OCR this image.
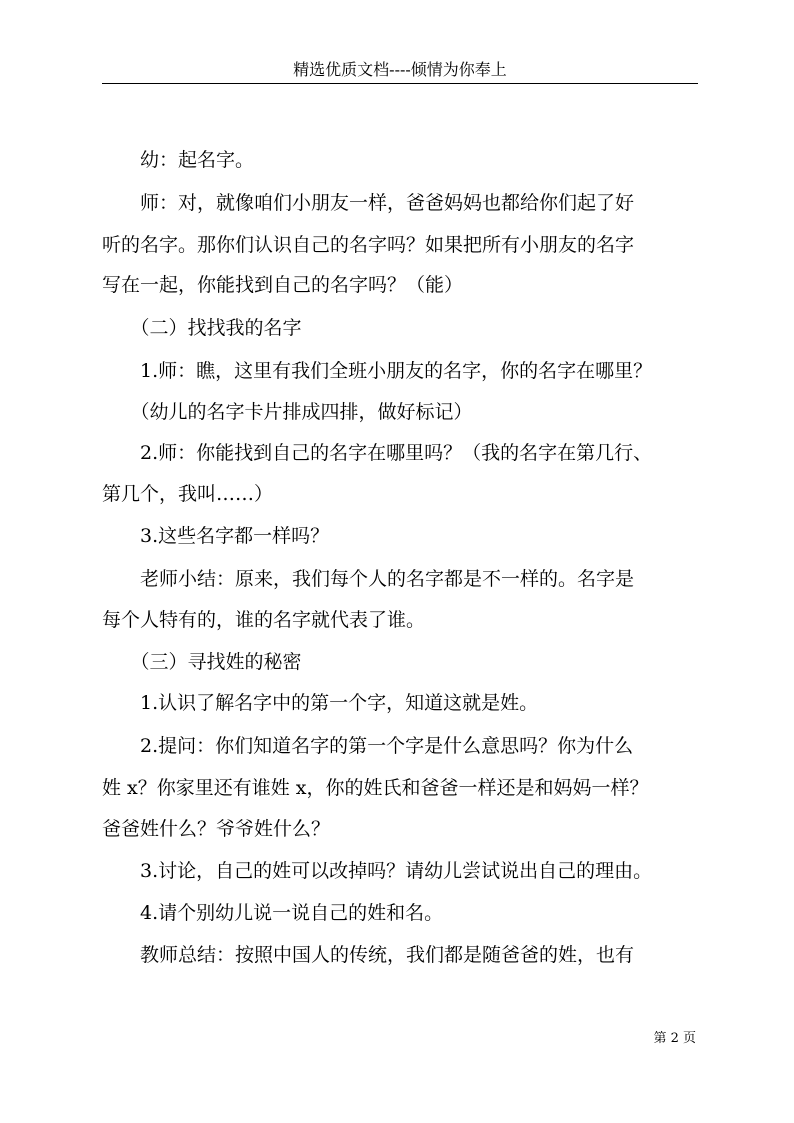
精选优质文档----倾情为你奉上

　　幼：起名字。

　　师：对，就像咱们小朋友一样，爸爸妈妈也都给你们起了好

听的名字。那你们认识自己的名字吗？如果把所有小朋友的名字

写在一起，你能找到自己的名字吗？（能）

　　（二）找找我的名字

　　1.师：瞧，这里有我们全班小朋友的名字，你的名字在哪里？

　　（幼儿的名字卡片排成四排，做好标记）

　　2.师：你能找到自己的名字在哪里吗？（我的名字在第几行、

第几个，我叫……）

　　3.这些名字都一样吗？

　　老师小结：原来，我们每个人的名字都是不一样的。名字是

每个人特有的，谁的名字就代表了谁。

　　（三）寻找姓的秘密

　　1.认识了解名字中的第一个字，知道这就是姓。

　　2.提问：你们知道名字的第一个字是什么意思吗？你为什么

姓 x？你家里还有谁姓 x，你的姓氏和爸爸一样还是和妈妈一样？

爸爸姓什么？爷爷姓什么？

　　3.讨论，自己的姓可以改掉吗？请幼儿尝试说出自己的理由。

　　4.请个别幼儿说一说自己的姓和名。

　　教师总结：按照中国人的传统，我们都是随爸爸的姓，也有

第 2 页
